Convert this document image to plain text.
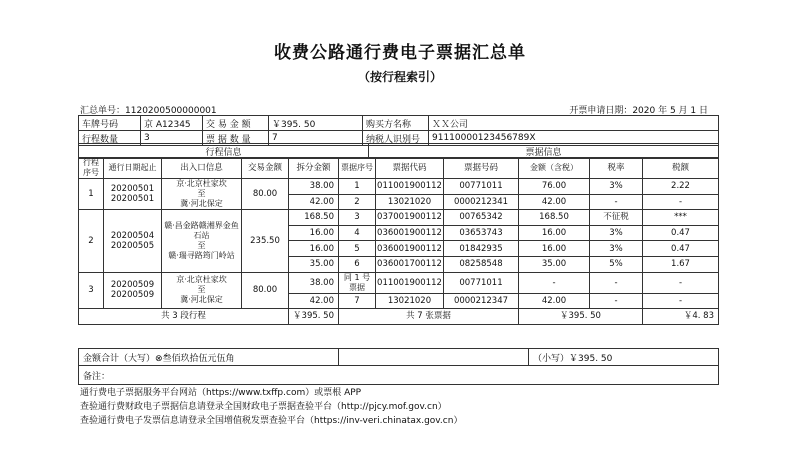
收费公路通行费电子票据汇总单
（按行程索引）
汇总单号：1120200500000001	开票申请日期：2020 年 5 月 1 日
车牌号码	京 A12345	交 易 金 额	￥395. 50	购买方名称	ＸＸ公司
行程数量	3	票 据 数 量	7	纳税人识别号	91110000123456789X
行程信息	票据信息
行程序号	通行日期起止	出入口信息	交易金额	拆分金额	票据序号	票据代码	票据号码	金额（含税）	税率	税额
1	20200501
20200501	京·北京杜家坎
至
冀·河北保定	80.00	38.00	1	011001900112	00771011	76.00	3%	2.22
				42.00	2	13021020	0000212341	42.00	-	-
2	20200504
20200505	赣·昌金路赣湘界金鱼石站
至
赣·瑞寻路筠门岭站	235.50	168.50	3	037001900112	00765342	168.50	不征税	***
				16.00	4	036001900112	03653743	16.00	3%	0.47
				16.00	5	036001900112	01842935	16.00	3%	0.47
				35.00	6	036001700112	08258548	35.00	5%	1.67
3	20200509
20200509	京·北京杜家坎
至
冀·河北保定	80.00	38.00	同 1 号票据	011001900112	00771011	-	-	-
				42.00	7	13021020	0000212347	42.00	-	-
共 3 段行程				￥395. 50	共 7 张票据			￥395. 50		￥4. 83
金额合计（大写）⊗叁佰玖拾伍元伍角		（小写）￥395. 50
备注：
通行费电子票据服务平台网站（https://www.txffp.com）或票根 APP
查验通行费财政电子票据信息请登录全国财政电子票据查验平台（http://pjcy.mof.gov.cn）
查验通行费电子发票信息请登录全国增值税发票查验平台（https://inv-veri.chinatax.gov.cn）
